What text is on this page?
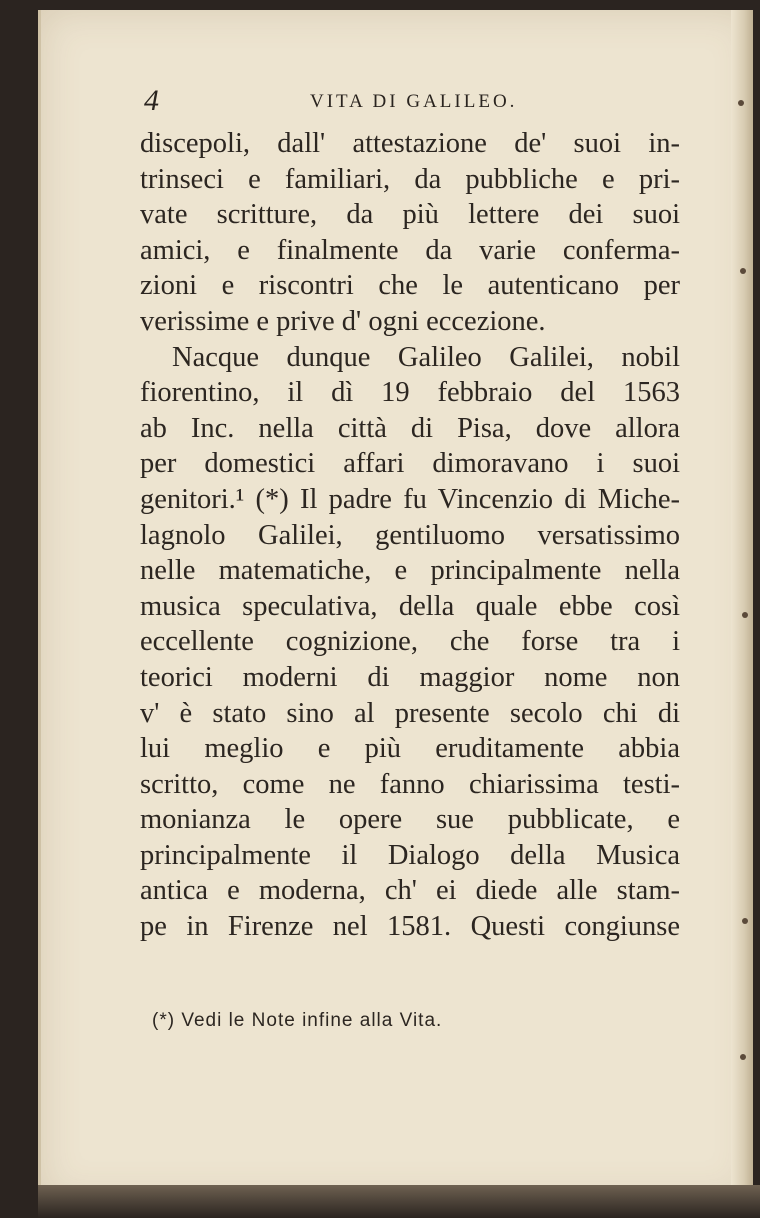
4	VITA DI GALILEO.
discepoli, dall' attestazione de' suoi in-
trinseci e familiari, da pubbliche e pri-
vate scritture, da più lettere dei suoi
amici, e finalmente da varie conferma-
zioni e riscontri che le autenticano per
verissime e prive d' ogni eccezione.
Nacque dunque Galileo Galilei, nobil
fiorentino, il dì 19 febbraio del 1563
ab Inc. nella città di Pisa, dove allora
per domestici affari dimoravano i suoi
genitori.¹ (*) Il padre fu Vincenzio di Miche-
lagnolo Galilei, gentiluomo versatissimo
nelle matematiche, e principalmente nella
musica speculativa, della quale ebbe così
eccellente cognizione, che forse tra i
teorici moderni di maggior nome non
v' è stato sino al presente secolo chi di
lui meglio e più eruditamente abbia
scritto, come ne fanno chiarissima testi-
monianza le opere sue pubblicate, e
principalmente il Dialogo della Musica
antica e moderna, ch' ei diede alle stam-
pe in Firenze nel 1581. Questi congiunse
(*) Vedi le Note infine alla Vita.
